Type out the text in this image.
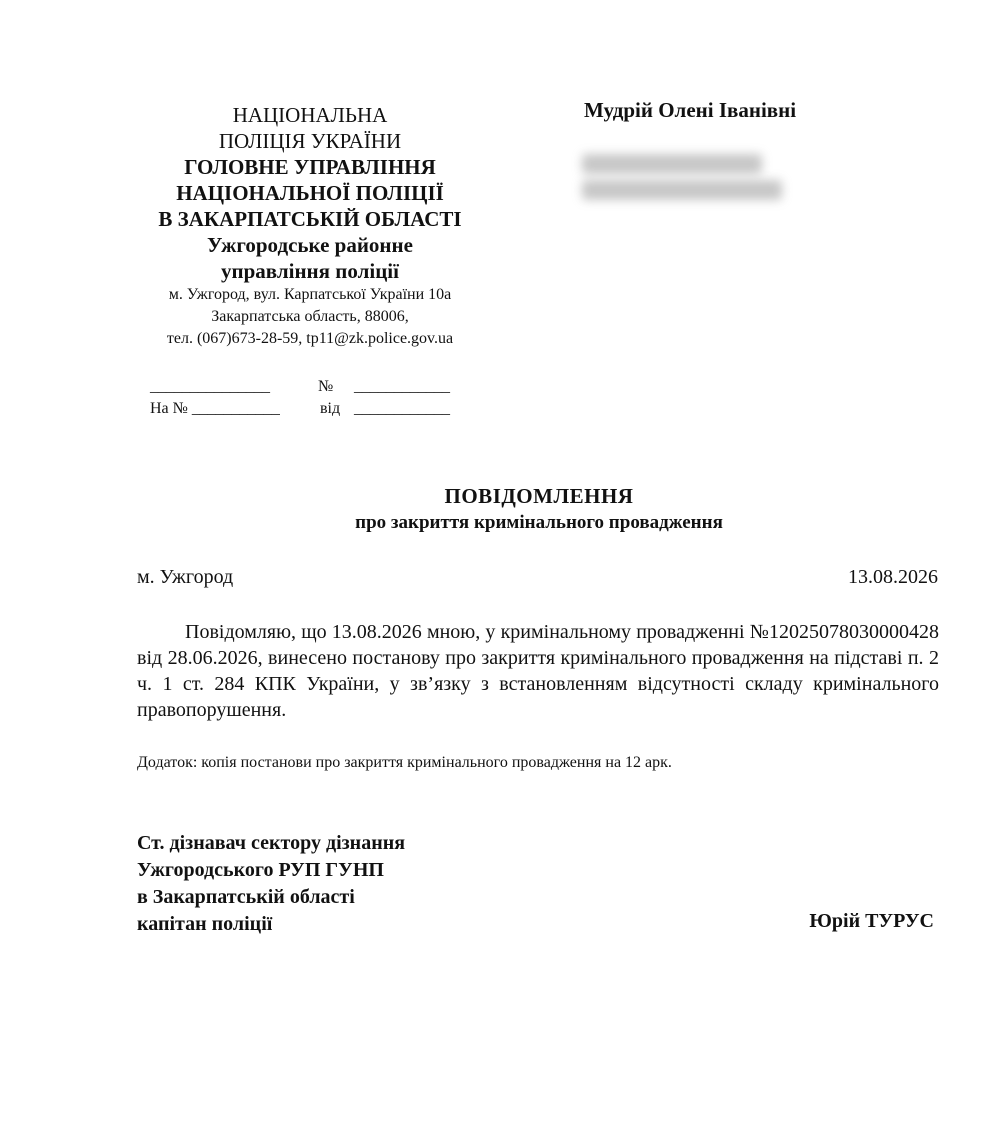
НАЦІОНАЛЬНА
ПОЛІЦІЯ УКРАЇНИ
ГОЛОВНЕ УПРАВЛІННЯ
НАЦІОНАЛЬНОЇ ПОЛІЦІЇ
В ЗАКАРПАТСЬКІЙ ОБЛАСТІ
Ужгородське районне
управління поліції
м. Ужгород, вул. Карпатської України 10а
Закарпатська область, 88006,
тел. (067)673-28-59, tp11@zk.police.gov.ua
_______________	№ ____________
На № ___________	від ____________
Мудрій Олені Іванівні
ПОВІДОМЛЕННЯ
про закриття кримінального провадження
м. Ужгород	13.08.2026
Повідомляю, що 13.08.2026 мною, у кримінальному провадженні №12025078030000428 від 28.06.2026, винесено постанову про закриття кримінального провадження на підставі п. 2 ч. 1 ст. 284 КПК України, у зв’язку з встановленням відсутності складу кримінального правопорушення.
Додаток: копія постанови про закриття кримінального провадження на 12 арк.
Ст. дізнавач сектору дізнання
Ужгородського РУП ГУНП
в Закарпатській області
капітан поліції	Юрій ТУРУС
